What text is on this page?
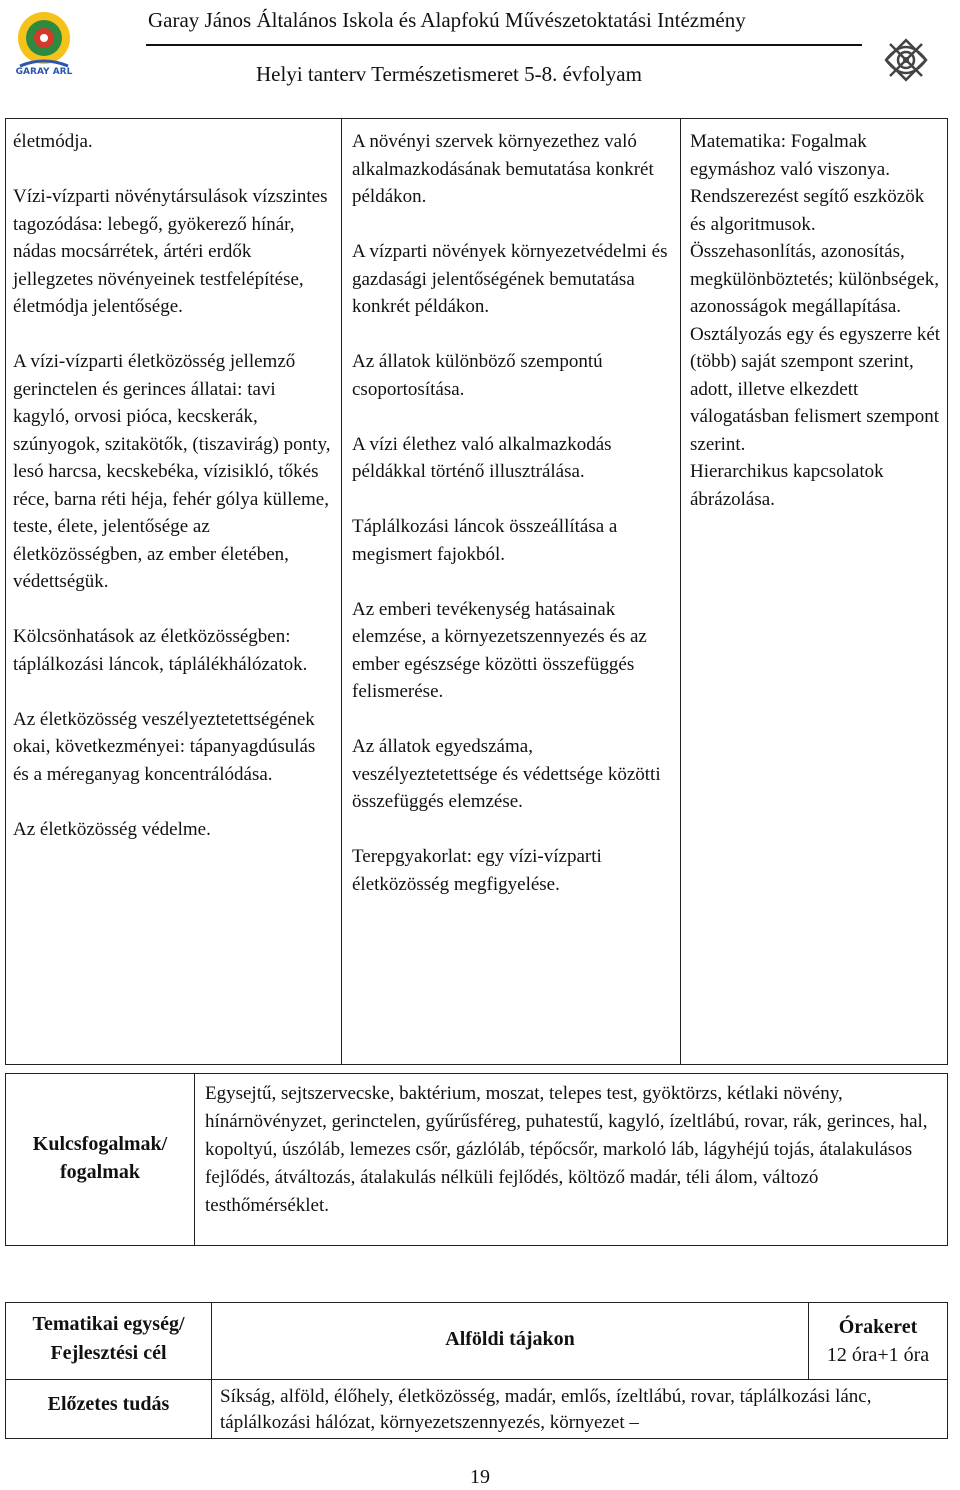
GARAY ARL
Garay János Általános Iskola és Alapfokú Művészetoktatási Intézmény
Helyi tanterv Természetismeret 5-8. évfolyam

életmódja.

Vízi-vízparti növénytársulások vízszintes tagozódása: lebegő, gyökerező hínár, nádas mocsárrétek, ártéri erdők jellegzetes növényeinek testfelépítése, életmódja jelentősége.

A vízi-vízparti életközösség jellemző gerinctelen és gerinces állatai: tavi kagyló, orvosi pióca, kecskerák, szúnyogok, szitakötők, (tiszavirág) ponty, lesó harcsa, kecskebéka, vízisikló, tőkés réce, barna réti héja, fehér gólya külleme, teste, élete, jelentősége az életközösségben, az ember életében, védettségük.

Kölcsönhatások az életközösségben: táplálkozási láncok, táplálékhálózatok.

Az életközösség veszélyeztetettségének okai, következményei: tápanyagdúsulás és a méreganyag koncentrálódása.

Az életközösség védelme.

A növényi szervek környezethez való alkalmazkodásának bemutatása konkrét példákon.

A vízparti növények környezetvédelmi és gazdasági jelentőségének bemutatása konkrét példákon.

Az állatok különböző szempontú csoportosítása.

A vízi élethez való alkalmazkodás példákkal történő illusztrálása.

Táplálkozási láncok összeállítása a megismert fajokból.

Az emberi tevékenység hatásainak elemzése, a környezetszennyezés és az ember egészsége közötti összefüggés felismerése.

Az állatok egyedszáma, veszélyeztetettsége és védettsége közötti összefüggés elemzése.

Terepgyakorlat: egy vízi-vízparti életközösség megfigyelése.

Matematika: Fogalmak egymáshoz való viszonya.
Rendszerezést segítő eszközök és algoritmusok.
Összehasonlítás, azonosítás, megkülönböztetés; különbségek, azonosságok megállapítása.
Osztályozás egy és egyszerre két (több) saját szempont szerint, adott, illetve elkezdett válogatásban felismert szempont szerint.
Hierarchikus kapcsolatok ábrázolása.
Kulcsfogalmak/ fogalmak
Egysejtű, sejtszervecske, baktérium, moszat, telepes test, gyöktörzs, kétlaki növény, hínárnövényzet, gerinctelen, gyűrűsféreg, puhatestű, kagyló, ízeltlábú, rovar, rák, gerinces, hal, kopoltyú, úszóláb, lemezes csőr, gázlóláb, tépőcsőr, markoló láb, lágyhéjú tojás, átalakulásos fejlődés, átváltozás, átalakulás nélküli fejlődés, költöző madár, téli álom, változó testhőmérséklet.
Tematikai egység/ Fejlesztési cél
Alföldi tájakon
Órakeret
12 óra+1 óra
Előzetes tudás	Síkság, alföld, élőhely, életközösség, madár, emlős, ízeltlábú, rovar, táplálkozási lánc, táplálkozási hálózat, környezetszennyezés, környezet –
19
